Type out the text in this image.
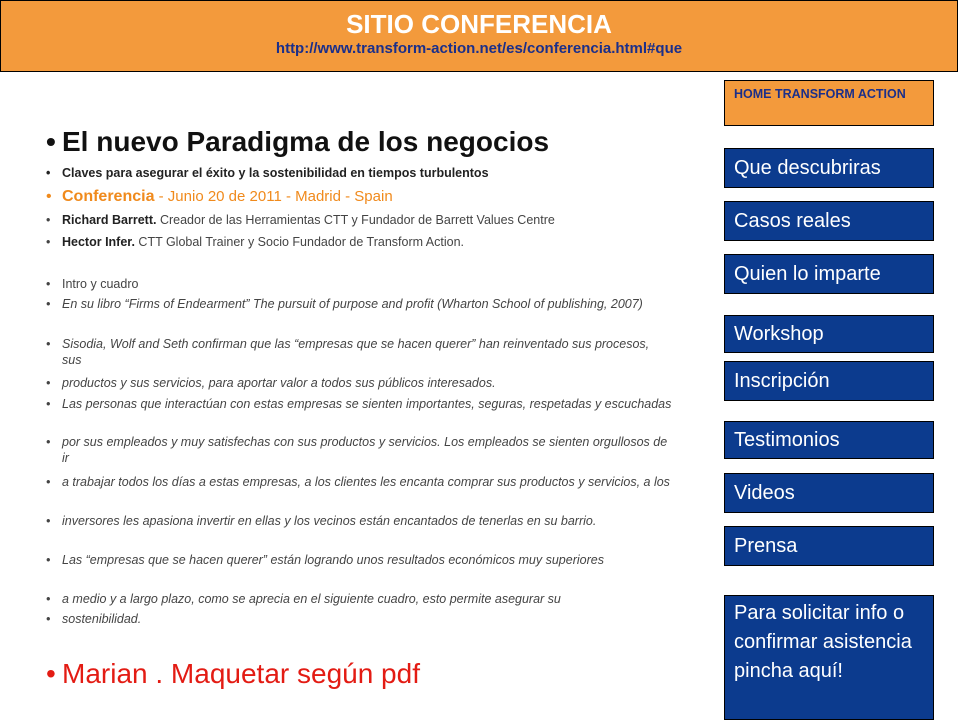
SITIO CONFERENCIA
http://www.transform-action.net/es/conferencia.html#que
• El nuevo Paradigma de los negocios
• Claves para asegurar el éxito y la sostenibilidad en tiempos turbulentos
• Conferencia - Junio 20 de 2011 - Madrid - Spain
• Richard Barrett. Creador de las Herramientas CTT y Fundador de Barrett Values Centre
• Hector Infer. CTT Global Trainer y Socio Fundador de Transform Action.
• Intro y cuadro
• En su libro “Firms of Endearment” The pursuit of purpose and profit (Wharton School of publishing, 2007)
• Sisodia, Wolf and Seth confirman que las “empresas que se hacen querer” han reinventado sus procesos, sus
• productos y sus servicios, para aportar valor a todos sus públicos interesados.
• Las personas que interactúan con estas empresas se sienten importantes, seguras, respetadas y escuchadas
• por sus empleados y muy satisfechas con sus productos y servicios. Los empleados se sienten orgullosos de ir
• a trabajar todos los días a estas empresas, a los clientes les encanta comprar sus productos y servicios, a los
• inversores les apasiona invertir en ellas y los vecinos están encantados de tenerlas en su barrio.
• Las “empresas que se hacen querer” están logrando unos resultados económicos muy superiores
• a medio y a largo plazo, como se aprecia en el siguiente cuadro, esto permite asegurar su
• sostenibilidad.
• Marian . Maquetar según pdf
HOME TRANSFORM ACTION
Que descubriras
Casos reales
Quien lo imparte
Workshop
Inscripción
Testimonios
Videos
Prensa
Para solicitar info o confirmar asistencia pincha aquí!
